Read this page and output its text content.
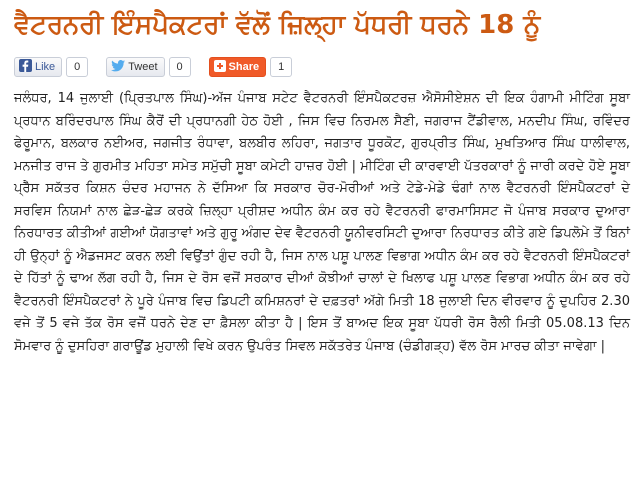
ਵੈਟਰਨਰੀ ਇੰਸਪੈਕਟਰਾਂ ਵੱਲੋਂ ਜ਼ਿਲ੍ਹਾ ਪੱਧਰੀ ਧਰਨੇ 18 ਨੂੰ
Like	0	Tweet	0	Share	1
ਜਲੰਧਰ, 14 ਜੁਲਾਈ (ਪ੍ਰਿਤਪਾਲ ਸਿੰਘ)-ਅੱਜ ਪੰਜਾਬ ਸਟੇਟ ਵੈਟਰਨਰੀ ਇੰਸਪੈਕਟਰਜ਼ ਐਸੋਸੀਏਸ਼ਨ ਦੀ ਇਕ ਹੰਗਾਮੀ ਮੀਟਿੰਗ ਸੂਬਾ ਪ੍ਰਧਾਨ ਬਰਿੰਦਰਪਾਲ ਸਿੰਘ ਕੈਰੋਂ ਦੀ ਪ੍ਰਧਾਨਗੀ ਹੇਠ ਹੋਈ , ਜਿਸ ਵਿਚ ਨਿਰਮਲ ਸੈਣੀ, ਜਗਰਾਜ ਟੈਂਡੀਵਾਲ, ਮਨਦੀਪ ਸਿੰਘ, ਰਵਿੰਦਰ ਫੇਰੂਮਾਨ, ਬਲਕਾਰ ਨਈਅਰ, ਜਗਜੀਤ ਰੰਧਾਵਾ, ਬਲਬੀਰ ਲਹਿਰਾ, ਜਗਤਾਰ ਧੂਰਕੋਟ, ਗੁਰਪ੍ਰੀਤ ਸਿੰਘ, ਮੁਖਤਿਆਰ ਸਿੰਘ ਧਾਲੀਵਾਲ, ਮਨਜੀਤ ਰਾਜ ਤੇ ਗੁਰਮੀਤ ਮਹਿਤਾ ਸਮੇਤ ਸਮੁੱਚੀ ਸੂਬਾ ਕਮੇਟੀ ਹਾਜ਼ਰ ਹੋਈ | ਮੀਟਿੰਗ ਦੀ ਕਾਰਵਾਈ ਪੱਤਰਕਾਰਾਂ ਨੂੰ ਜਾਰੀ ਕਰਦੇ ਹੋਏ ਸੂਬਾ ਪ੍ਰੈੱਸ ਸਕੱਤਰ ਕਿਸ਼ਨ ਚੰਦਰ ਮਹਾਜਨ ਨੇ ਦੱਸਿਆ ਕਿ ਸਰਕਾਰ ਚੋਰ-ਮੋਰੀਆਂ ਅਤੇ ਟੇਡੇ-ਮੇਡੇ ਢੰਗਾਂ ਨਾਲ ਵੈਟਰਨਰੀ ਇੰਸਪੈਕਟਰਾਂ ਦੇ ਸਰਵਿਸ ਨਿਯਮਾਂ ਨਾਲ ਛੇੜ-ਛੇੜ ਕਰਕੇ ਜ਼ਿਲ੍ਹਾ ਪ੍ਰੀਸ਼ਦ ਅਧੀਨ ਕੰਮ ਕਰ ਰਹੇ ਵੈਟਰਨਰੀ ਫਾਰਮਾਸਿਸਟ ਜੋ ਪੰਜਾਬ ਸਰਕਾਰ ਦੁਆਰਾ ਨਿਰਧਾਰਤ ਕੀਤੀਆਂ ਗਈਆਂ ਯੋਗਤਾਵਾਂ ਅਤੇ ਗੁਰੂ ਅੰਗਦ ਦੇਵ ਵੈਟਰਨਰੀ ਯੂਨੀਵਰਸਿਟੀ ਦੁਆਰਾ ਨਿਰਧਾਰਤ ਕੀਤੇ ਗਏ ਡਿਪਲੋਮੇ ਤੋਂ ਬਿਨਾਂ ਹੀ ਉਨ੍ਹਾਂ ਨੂੰ ਐਡਜਸਟ ਕਰਨ ਲਈ ਵਿਉਂਤਾਂ ਗੁੰਦ ਰਹੀ ਹੈ, ਜਿਸ ਨਾਲ ਪਸ਼ੂ ਪਾਲਣ ਵਿਭਾਗ ਅਧੀਨ ਕੰਮ ਕਰ ਰਹੇ ਵੈਟਰਨਰੀ ਇੰਸਪੈਕਟਰਾਂ ਦੇ ਹਿੱਤਾਂ ਨੂੰ ਢਾਅ ਲੱਗ ਰਹੀ ਹੈ, ਜਿਸ ਦੇ ਰੋਸ ਵਜੋਂ ਸਰਕਾਰ ਦੀਆਂ ਕੋਝੀਆਂ ਚਾਲਾਂ ਦੇ ਖਿਲਾਫ ਪਸ਼ੂ ਪਾਲਣ ਵਿਭਾਗ ਅਧੀਨ ਕੰਮ ਕਰ ਰਹੇ ਵੈਟਰਨਰੀ ਇੰਸਪੈਕਟਰਾਂ ਨੇ ਪੂਰੇ ਪੰਜਾਬ ਵਿਚ ਡਿਪਟੀ ਕਮਿਸ਼ਨਰਾਂ ਦੇ ਦਫ਼ਤਰਾਂ ਅੱਗੇ ਮਿਤੀ 18 ਜੁਲਾਈ ਦਿਨ ਵੀਰਵਾਰ ਨੂੰ ਦੁਪਹਿਰ 2.30 ਵਜੇ ਤੋਂ 5 ਵਜੇ ਤੱਕ ਰੋਸ ਵਜੋਂ ਧਰਨੇ ਦੇਣ ਦਾ ਫ਼ੈਸਲਾ ਕੀਤਾ ਹੈ | ਇਸ ਤੋਂ ਬਾਅਦ ਇਕ ਸੂਬਾ ਪੱਧਰੀ ਰੋਸ ਰੈਲੀ ਮਿਤੀ 05.08.13 ਦਿਨ ਸੋਮਵਾਰ ਨੂੰ ਦੁਸਹਿਰਾ ਗਰਾਊਂਡ ਮੁਹਾਲੀ ਵਿਖੇ ਕਰਨ ਉਪਰੰਤ ਸਿਵਲ ਸਕੱਤਰੇਤ ਪੰਜਾਬ (ਚੰਡੀਗੜ੍ਹ) ਵੱਲ ਰੋਸ ਮਾਰਚ ਕੀਤਾ ਜਾਵੇਗਾ |
